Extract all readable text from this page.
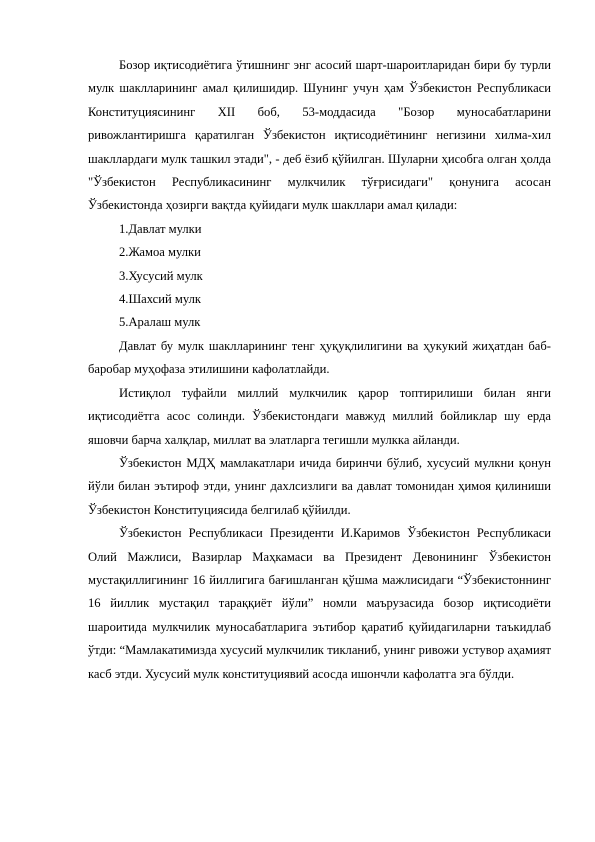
Бозор иқтисодиётига ўтишнинг энг асосий шарт-шароитларидан бири бу турли мулк шаклларининг амал қилишидир. Шунинг учун ҳам Ўзбекистон Республикаси Конституциясининг XII боб, 53-моддасида "Бозор муносабатларини ривожлантиришга қаратилган Ўзбекистон иқтисодиётининг негизини хилма-хил шакллардаги мулк ташкил этади", - деб ёзиб қўйилган. Шуларни ҳисобга олган ҳолда "Ўзбекистон Республикасининг мулкчилик тўғрисидаги" қонунига асосан Ўзбекистонда ҳозирги вақтда қуйидаги мулк шакллари амал қилади:

1.Давлат мулки
2.Жамоа мулки
3.Хусусий мулк
4.Шахсий мулк
5.Аралаш мулк

Давлат бу мулк шаклларининг тенг ҳуқуқлилигини ва ҳукукий жиҳатдан баб-баробар муҳофаза этилишини кафолатлайди.

Истиқлол туфайли миллий мулкчилик қарор топтирилиши билан янги иқтисодиётга асос солинди. Ўзбекистондаги мавжуд миллий бойликлар шу ерда яшовчи барча халқлар, миллат ва элатларга тегишли мулкка айланди.

Ўзбекистон МДҲ мамлакатлари ичида биринчи бўлиб, хусусий мулкни қонун йўли билан эътироф этди, унинг дахлсизлиги ва давлат томонидан ҳимоя қилиниши Ўзбекистон Конституциясида белгилаб қўйилди.

Ўзбекистон Республикаси Президенти И.Каримов Ўзбекистон Республикаси Олий Мажлиси, Вазирлар Маҳкамаси ва Президент Девонининг Ўзбекистон мустақиллигининг 16 йиллигига бағишланган қўшма мажлисидаги “Ўзбекистоннинг 16 йиллик мустақил тараққиёт йўли” номли маърузасида бозор иқтисодиёти шароитида мулкчилик муносабатларига эътибор қаратиб қуйидагиларни таъкидлаб ўтди: “Мамлакатимизда хусусий мулкчилик тикланиб, унинг ривожи устувор аҳамият касб этди. Хусусий мулк конституциявий асосда ишончли кафолатга эга бўлди.
